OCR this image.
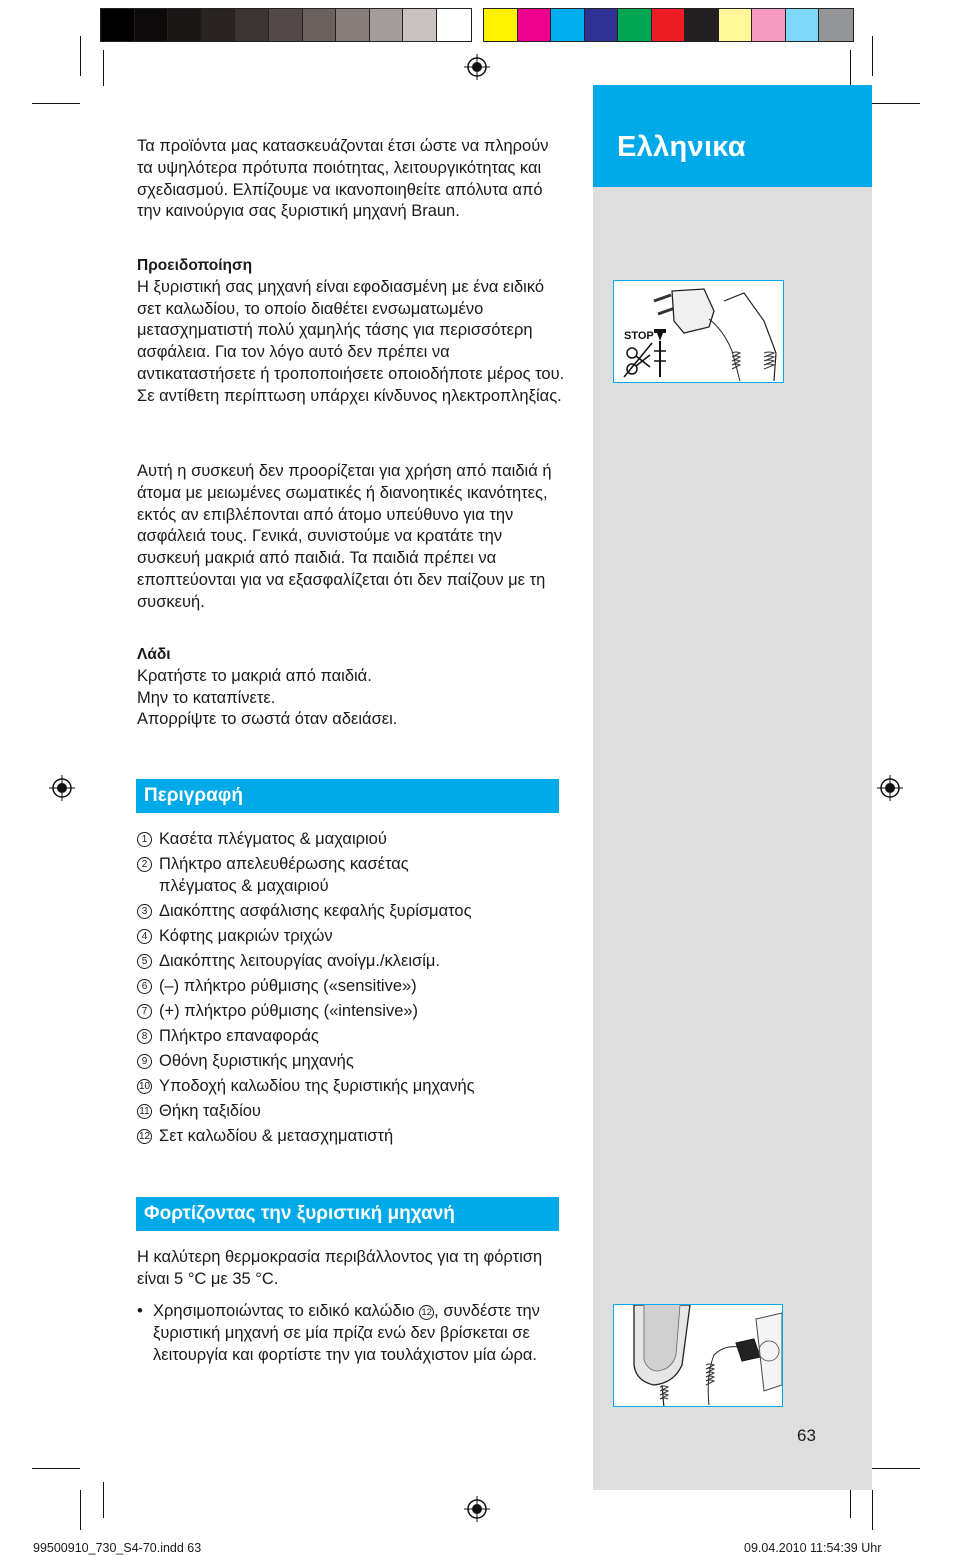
Ελληνικα
STOP
63

Τα προϊόντα μας κατασκευάζονται έτσι ώστε να πληρούν τα υψηλότερα πρότυπα ποιότητας, λειτουργικότητας και σχεδιασμού. Ελπίζουμε να ικανοποιηθείτε απόλυτα από την καινούργια σας ξυριστική μηχανή Braun.

Προειδοποίηση

Η ξυριστική σας μηχανή είναι εφοδιασμένη με ένα ειδικό σετ καλωδίου, το οποίο διαθέτει ενσωματωμένο μετασχηματιστή πολύ χαμηλής τάσης για περισσότερη ασφάλεια. Για τον λόγο αυτό δεν πρέπει να αντικαταστήσετε ή τροποποιήσετε οποιοδήποτε μέρος του. Σε αντίθετη περίπτωση υπάρχει κίνδυνος ηλεκτροπληξίας.

Αυτή η συσκευή δεν προορίζεται για χρήση από παιδιά ή άτομα με μειωμένες σωματικές ή διανοητικές ικανότητες, εκτός αν επιβλέπονται από άτομο υπεύθυνο για την ασφάλειά τους. Γενικά, συνιστούμε να κρατάτε την συσκευή μακριά από παιδιά. Τα παιδιά πρέπει να εποπτεύονται για να εξασφαλίζεται ότι δεν παίζουν με τη συσκευή.

Λάδι

Κρατήστε το μακριά από παιδιά.

Μην το καταπίνετε.

Απορρίψτε το σωστά όταν αδειάσει.

Περιγραφή
1 Κασέτα πλέγματος & μαχαιριού
2 Πλήκτρο απελευθέρωσης κασέτας
πλέγματος & μαχαιριού
3 Διακόπτης ασφάλισης κεφαλής ξυρίσματος
4 Κόφτης μακριών τριχών
5 Διακόπτης λειτουργίας ανοίγμ./κλεισίμ.
6 (–) πλήκτρο ρύθμισης («sensitive»)
7 (+) πλήκτρο ρύθμισης («intensive»)
8 Πλήκτρο επαναφοράς
9 Οθόνη ξυριστικής μηχανής
10 Υποδοχή καλωδίου της ξυριστικής μηχανής
11 Θήκη ταξιδίου
12 Σετ καλωδίου & μετασχηματιστή
Φορτίζοντας την ξυριστική μηχανή

Η καλύτερη θερμοκρασία περιβάλλοντος για τη φόρτιση είναι 5 °C με 35 °C.

• Χρησιμοποιώντας το ειδικό καλώδιο 12 , συνδέστε την ξυριστική μηχανή σε μία πρίζα ενώ δεν βρίσκεται σε λειτουργία και φορτίστε την για τουλάχιστον μία ώρα.
99500910_730_S4-70.indd 63	09.04.2010 11:54:39 Uhr
